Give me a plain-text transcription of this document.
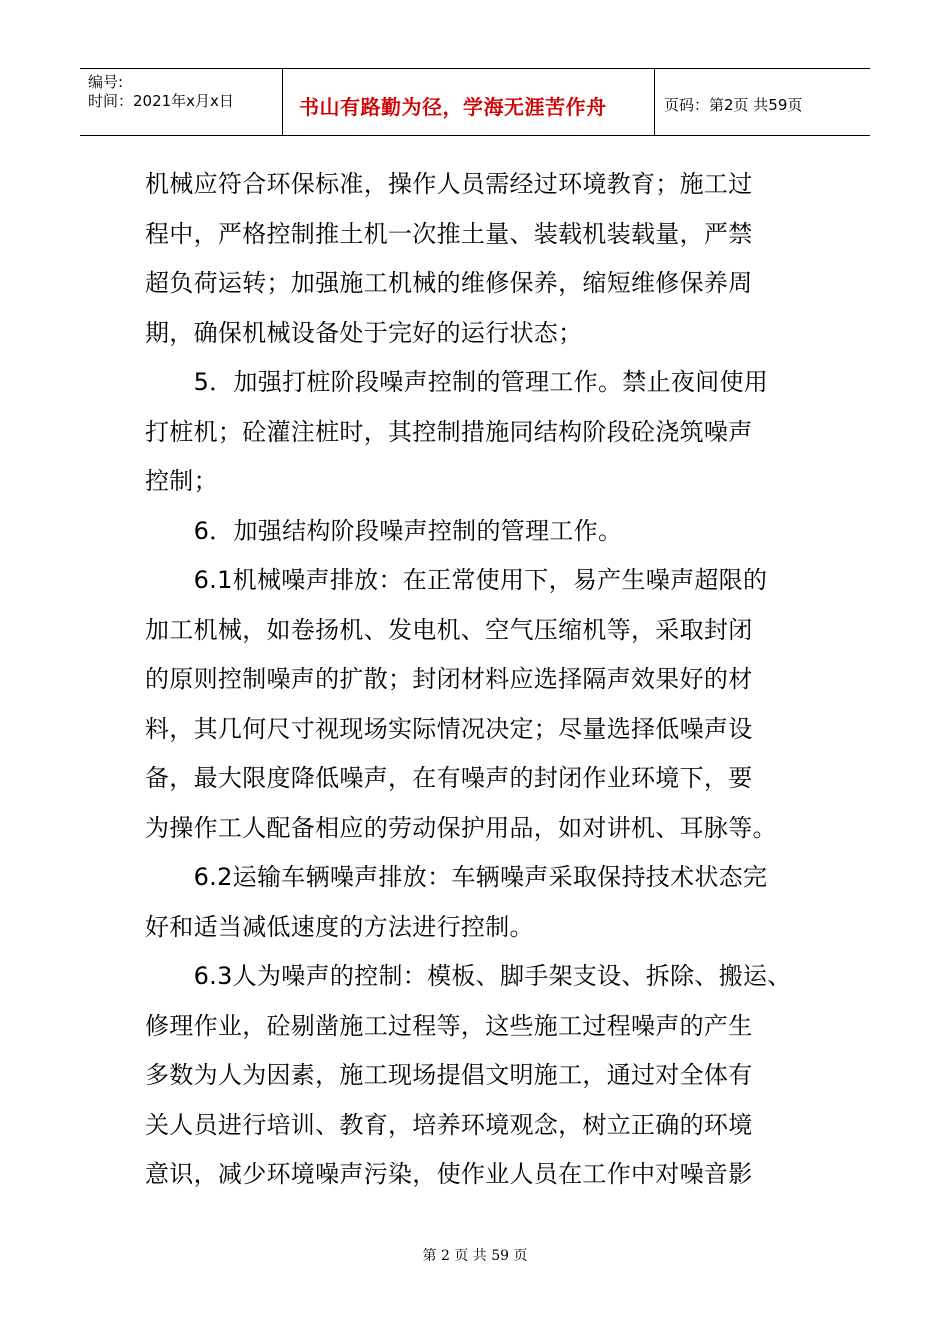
编号:
时间：2021年x月x日	书山有路勤为径，学海无涯苦作舟	页码：第2页 共59页
机械应符合环保标准，操作人员需经过环境教育；施工过
程中，严格控制推土机一次推土量、装载机装载量，严禁
超负荷运转；加强施工机械的维修保养，缩短维修保养周
期，确保机械设备处于完好的运行状态；
　　5．加强打桩阶段噪声控制的管理工作。禁止夜间使用
打桩机；砼灌注桩时，其控制措施同结构阶段砼浇筑噪声
控制；
　　6．加强结构阶段噪声控制的管理工作。
　　6.1机械噪声排放：在正常使用下，易产生噪声超限的
加工机械，如卷扬机、发电机、空气压缩机等，采取封闭
的原则控制噪声的扩散；封闭材料应选择隔声效果好的材
料，其几何尺寸视现场实际情况决定；尽量选择低噪声设
备，最大限度降低噪声，在有噪声的封闭作业环境下，要
为操作工人配备相应的劳动保护用品，如对讲机、耳脉等。
　　6.2运输车辆噪声排放：车辆噪声采取保持技术状态完
好和适当减低速度的方法进行控制。
　　6.3人为噪声的控制：模板、脚手架支设、拆除、搬运、
修理作业，砼剔凿施工过程等，这些施工过程噪声的产生
多数为人为因素，施工现场提倡文明施工，通过对全体有
关人员进行培训、教育，培养环境观念，树立正确的环境
意识，减少环境噪声污染，使作业人员在工作中对噪音影
第 2 页 共 59 页
